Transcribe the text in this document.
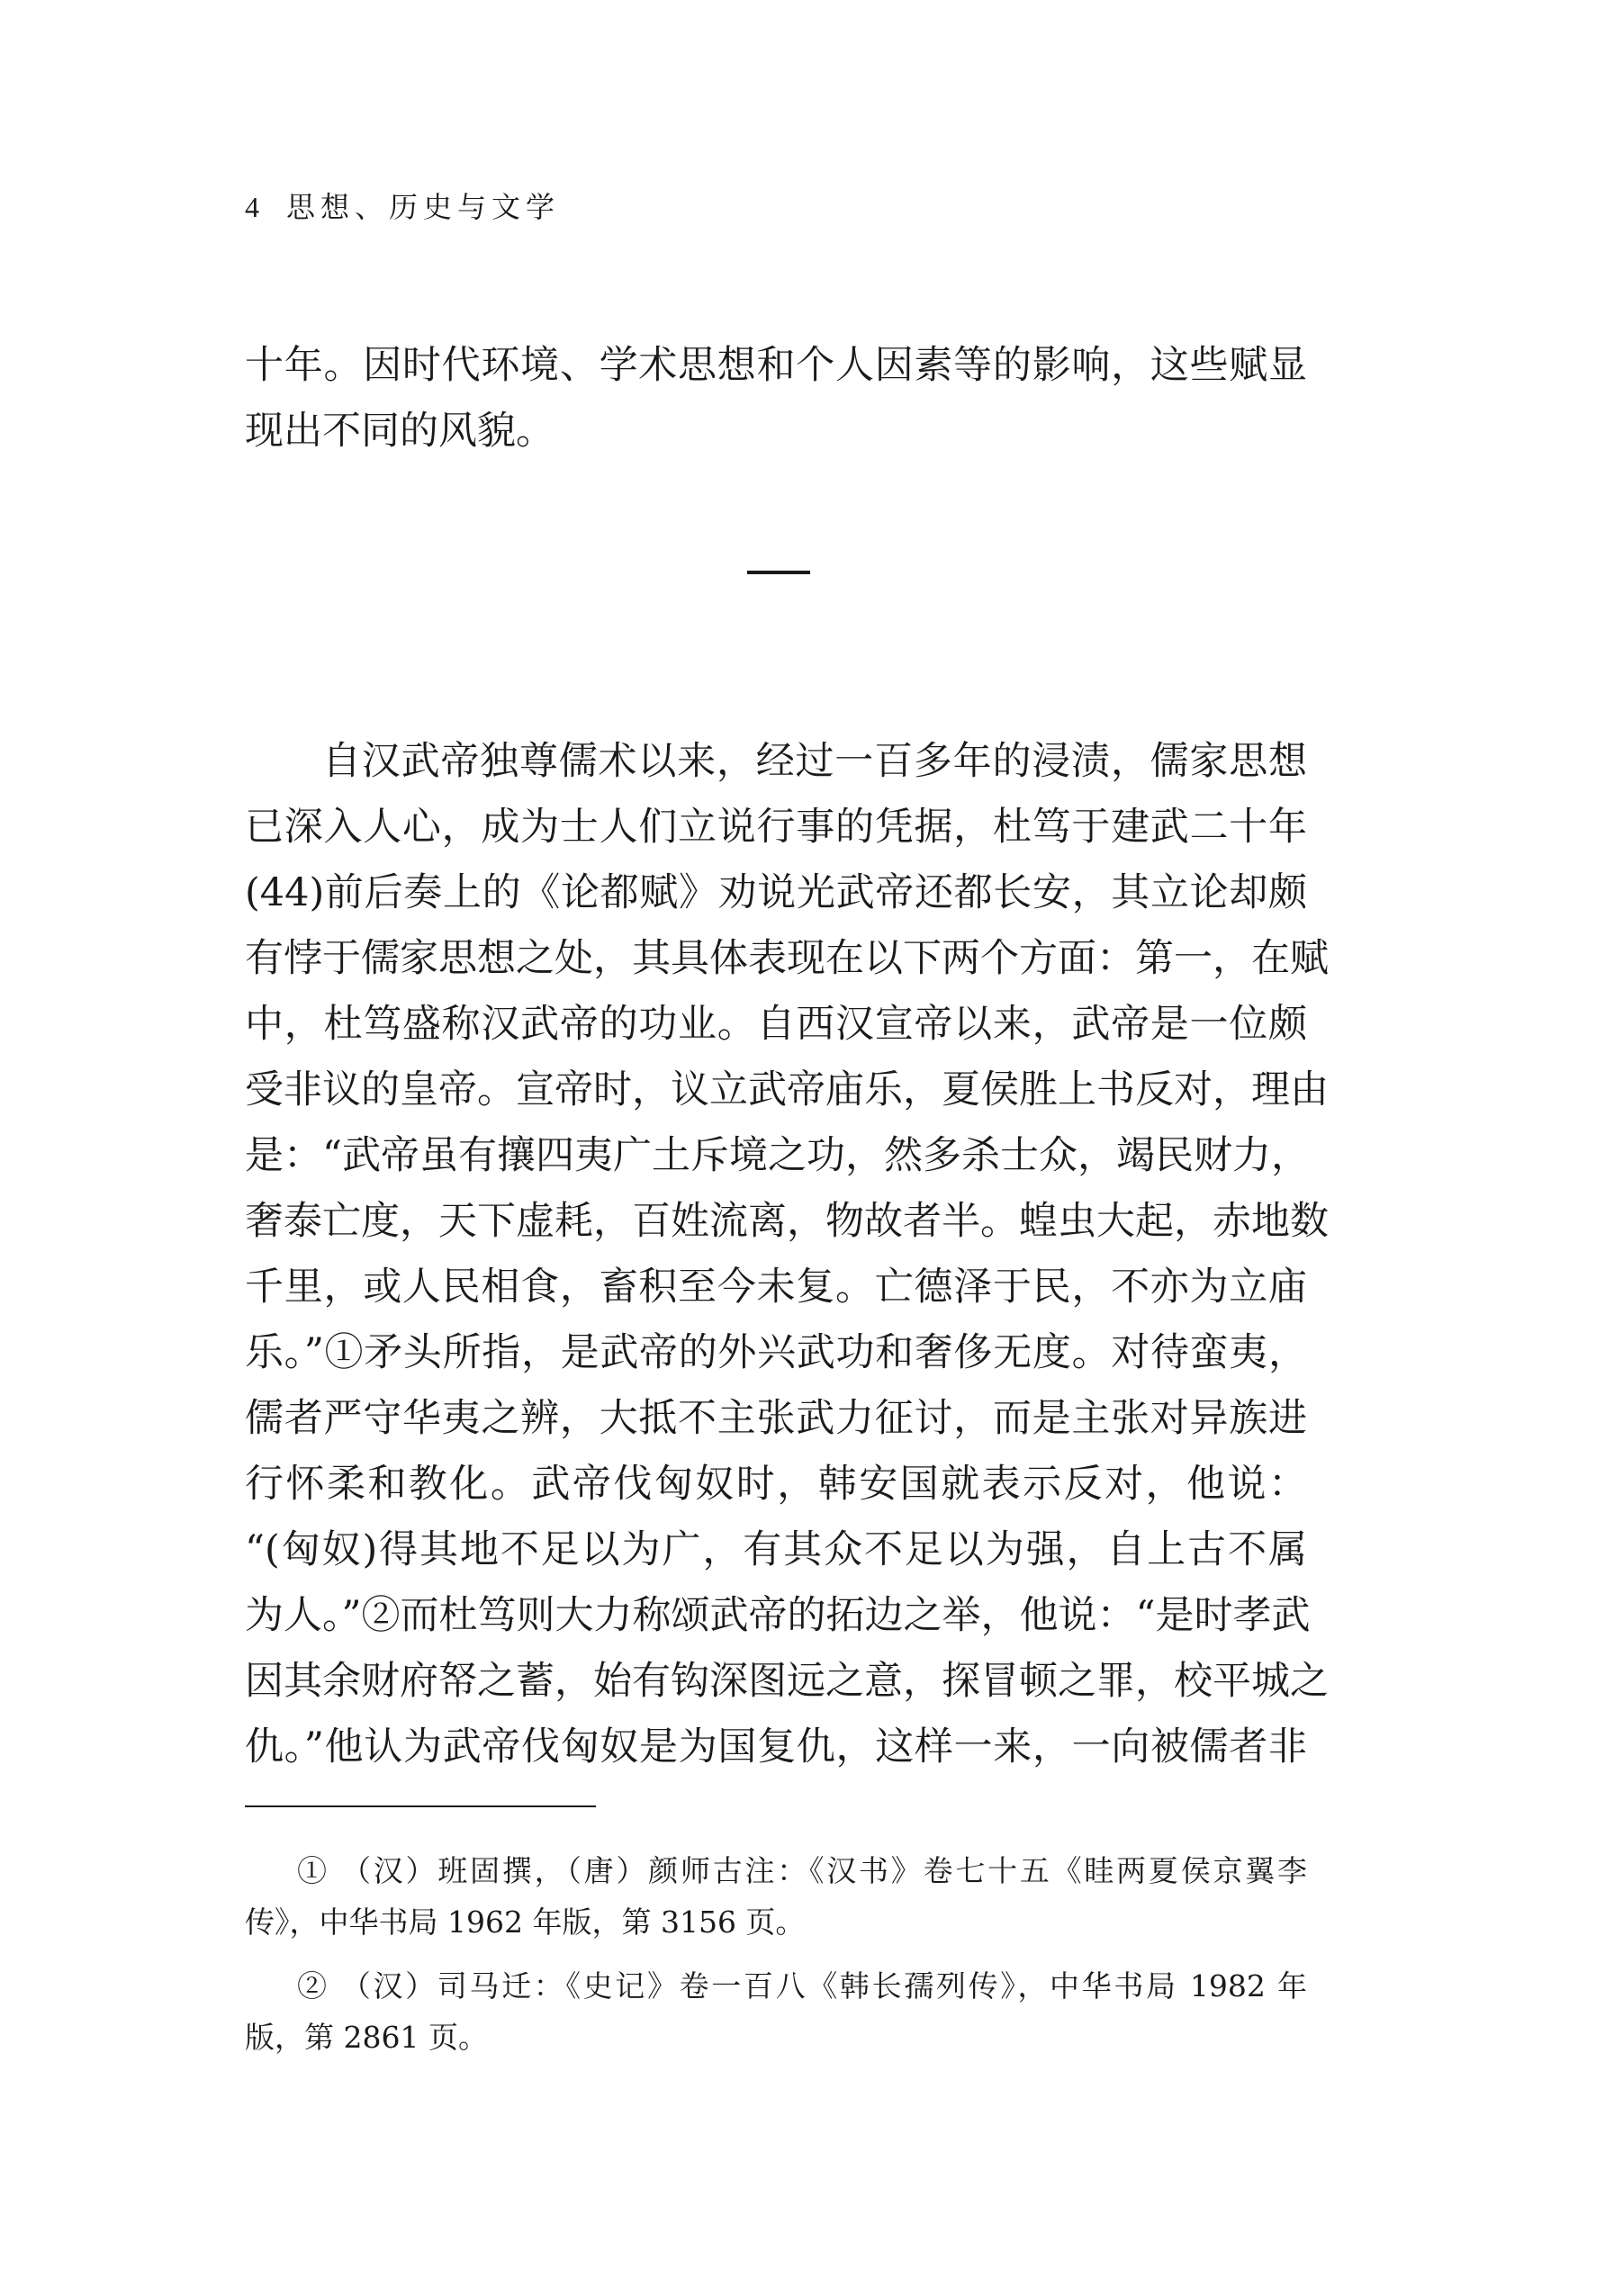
4 思想、历史与文学
十年。因时代环境、学术思想和个人因素等的影响，这些赋显
现出不同的风貌。
自汉武帝独尊儒术以来，经过一百多年的浸渍，儒家思想
已深入人心，成为士人们立说行事的凭据，杜笃于建武二十年
(44)前后奏上的《论都赋》劝说光武帝还都长安，其立论却颇
有悖于儒家思想之处，其具体表现在以下两个方面：第一，在赋
中，杜笃盛称汉武帝的功业。自西汉宣帝以来，武帝是一位颇
受非议的皇帝。宣帝时，议立武帝庙乐，夏侯胜上书反对，理由
是：“武帝虽有攘四夷广土斥境之功，然多杀士众，竭民财力，
奢泰亡度，天下虚耗，百姓流离，物故者半。蝗虫大起，赤地数
千里，或人民相食，畜积至今未复。亡德泽于民，不亦为立庙
乐。”①矛头所指，是武帝的外兴武功和奢侈无度。对待蛮夷，
儒者严守华夷之辨，大抵不主张武力征讨，而是主张对异族进
行怀柔和教化。武帝伐匈奴时，韩安国就表示反对，他说：
“(匈奴)得其地不足以为广，有其众不足以为强，自上古不属
为人。”②而杜笃则大力称颂武帝的拓边之举，他说：“是时孝武
因其余财府帑之蓄，始有钩深图远之意，探冒顿之罪，校平城之
仇。”他认为武帝伐匈奴是为国复仇，这样一来，一向被儒者非
① （汉）班固撰，（唐）颜师古注：《汉书》卷七十五《眭两夏侯京翼李
传》，中华书局 1962 年版，第 3156 页。
② （汉）司马迁：《史记》卷一百八《韩长孺列传》，中华书局 1982 年
版，第 2861 页。
